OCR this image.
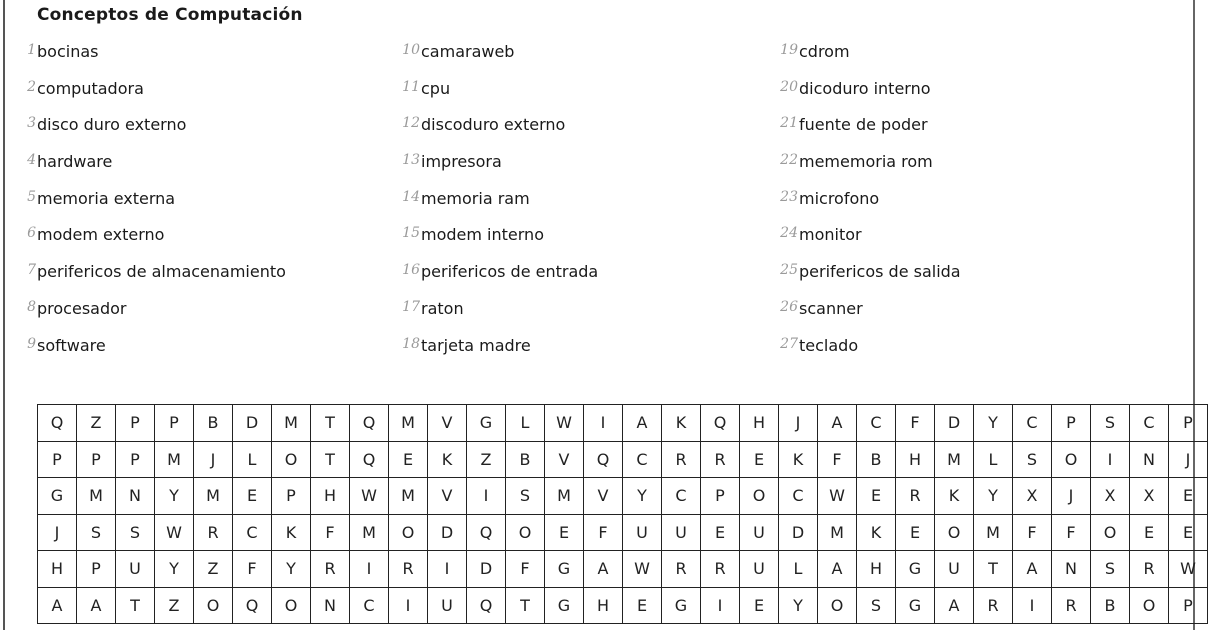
Conceptos de Computación
1 bocinas
2 computadora
3 disco duro externo
4 hardware
5 memoria externa
6 modem externo
7 perifericos de almacenamiento
8 procesador
9 software
10 camaraweb
11 cpu
12 discoduro externo
13 impresora
14 memoria ram
15 modem interno
16 perifericos de entrada
17 raton
18 tarjeta madre
19 cdrom
20 dicoduro interno
21 fuente de poder
22 mememoria rom
23 microfono
24 monitor
25 perifericos de salida
26 scanner
27 teclado
Q	Z	P	P	B	D	M	T	Q	M	V	G	L	W	I	A	K	Q	H	J	A	C	F	D	Y	C	P	S	C	P
P	P	P	M	J	L	O	T	Q	E	K	Z	B	V	Q	C	R	R	E	K	F	B	H	M	L	S	O	I	N	J
G	M	N	Y	M	E	P	H	W	M	V	I	S	M	V	Y	C	P	O	C	W	E	R	K	Y	X	J	X	X	E
J	S	S	W	R	C	K	F	M	O	D	Q	O	E	F	U	U	E	U	D	M	K	E	O	M	F	F	O	E	E
H	P	U	Y	Z	F	Y	R	I	R	I	D	F	G	A	W	R	R	U	L	A	H	G	U	T	A	N	S	R	W
A	A	T	Z	O	Q	O	N	C	I	U	Q	T	G	H	E	G	I	E	Y	O	S	G	A	R	I	R	B	O	P
